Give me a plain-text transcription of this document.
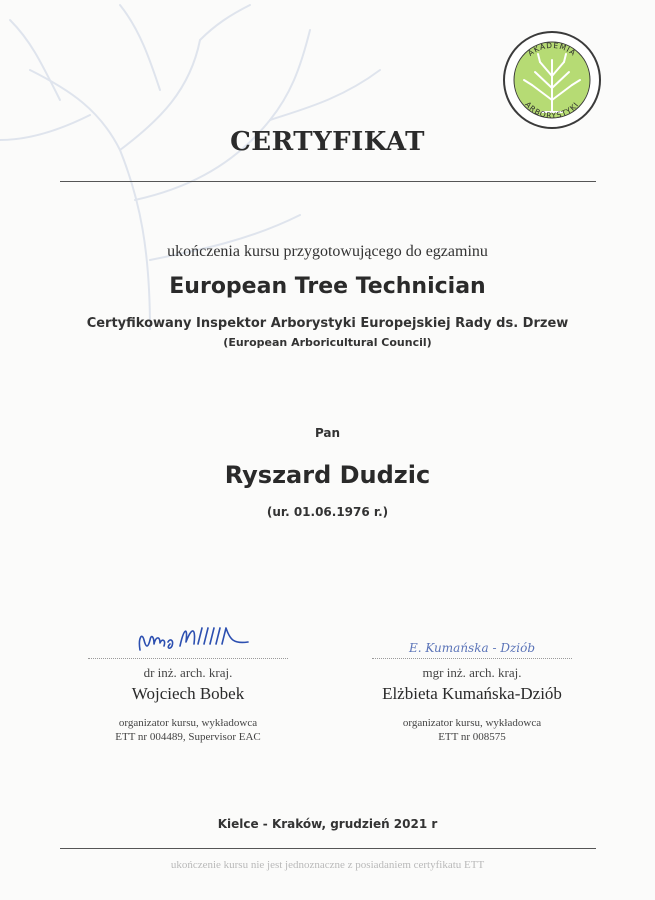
AKADEMIA
ARBORYSTYKI
CERTYFIKAT
ukończenia kursu przygotowującego do egzaminu
European Tree Technician
Certyfikowany Inspektor Arborystyki Europejskiej Rady ds. Drzew
(European Arboricultural Council)
Pan
Ryszard Dudzic
(ur. 01.06.1976 r.)
dr inż. arch. kraj.
Wojciech Bobek
organizator kursu, wykładowca
ETT nr 004489, Supervisor EAC
E. Kumańska - Dziób
mgr inż. arch. kraj.
Elżbieta Kumańska-Dziób
organizator kursu, wykładowca
ETT nr 008575
Kielce - Kraków, grudzień 2021 r
ukończenie kursu nie jest jednoznaczne z posiadaniem certyfikatu ETT
